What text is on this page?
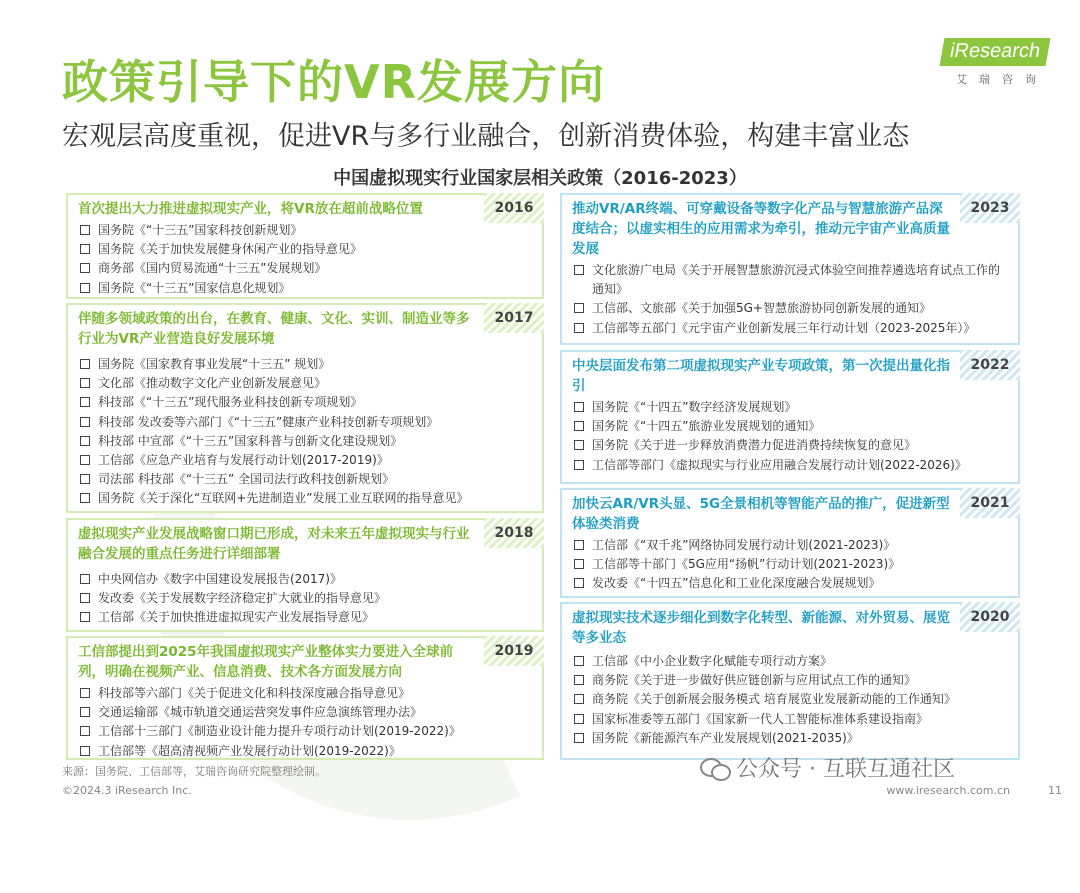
iResearch
艾瑞咨询
政策引导下的VR发展方向
宏观层高度重视，促进VR与多行业融合，创新消费体验，构建丰富业态
中国虚拟现实行业国家层相关政策（2016-2023）
2016
首次提出大力推进虚拟现实产业，将VR放在超前战略位置
国务院《“十三五”国家科技创新规划》
国务院《关于加快发展健身休闲产业的指导意见》
商务部《国内贸易流通“十三五”发展规划》
国务院《“十三五”国家信息化规划》
2017
伴随多领域政策的出台，在教育、健康、文化、实训、制造业等多行业为VR产业营造良好发展环境
国务院《国家教育事业发展“十三五” 规划》
文化部《推动数字文化产业创新发展意见》
科技部《“十三五”现代服务业科技创新专项规划》
科技部 发改委等六部门《“十三五”健康产业科技创新专项规划》
科技部 中宣部《“十三五”国家科普与创新文化建设规划》
工信部《应急产业培育与发展行动计划(2017-2019)》
司法部 科技部《“十三五” 全国司法行政科技创新规划》
国务院《关于深化“互联网+先进制造业”发展工业互联网的指导意见》
2018
虚拟现实产业发展战略窗口期已形成，对未来五年虚拟现实与行业融合发展的重点任务进行详细部署
中央网信办《数字中国建设发展报告(2017)》
发改委《关于发展数字经济稳定扩大就业的指导意见》
工信部《关于加快推进虚拟现实产业发展指导意见》
2019
工信部提出到2025年我国虚拟现实产业整体实力要进入全球前列，明确在视频产业、信息消费、技术各方面发展方向
科技部等六部门《关于促进文化和科技深度融合指导意见》
交通运输部《城市轨道交通运营突发事件应急演练管理办法》
工信部十三部门《制造业设计能力提升专项行动计划(2019-2022)》
工信部等《超高清视频产业发展行动计划(2019-2022)》
2023
推动VR/AR终端、可穿戴设备等数字化产品与智慧旅游产品深度结合；以虚实相生的应用需求为牵引，推动元宇宙产业高质量发展
文化旅游广电局《关于开展智慧旅游沉浸式体验空间推荐遴选培育试点工作的通知》
工信部、文旅部《关于加强5G+智慧旅游协同创新发展的通知》
工信部等五部门《元宇宙产业创新发展三年行动计划（2023-2025年）》
2022
中央层面发布第二项虚拟现实产业专项政策，第一次提出量化指引
国务院《“十四五”数字经济发展规划》
国务院《“十四五”旅游业发展规划的通知》
国务院《关于进一步释放消费潜力促进消费持续恢复的意见》
工信部等部门《虚拟现实与行业应用融合发展行动计划(2022-2026)》
2021
加快云AR/VR头显、5G全景相机等智能产品的推广，促进新型体验类消费
工信部《“双千兆”网络协同发展行动计划(2021-2023)》
工信部等十部门《5G应用“扬帆”行动计划(2021-2023)》
发改委《“十四五”信息化和工业化深度融合发展规划》
2020
虚拟现实技术逐步细化到数字化转型、新能源、对外贸易、展览等多业态
工信部《中小企业数字化赋能专项行动方案》
商务院《关于进一步做好供应链创新与应用试点工作的通知》
商务院《关于创新展会服务模式 培育展览业发展新动能的工作通知》
国家标准委等五部门《国家新一代人工智能标准体系建设指南》
国务院《新能源汽车产业发展规划(2021-2035)》
来源：国务院、工信部等，艾瑞咨询研究院整理绘制。	公众号 · 互联互通社区
©2024.3 iResearch Inc.	www.iresearch.com.cn	11
